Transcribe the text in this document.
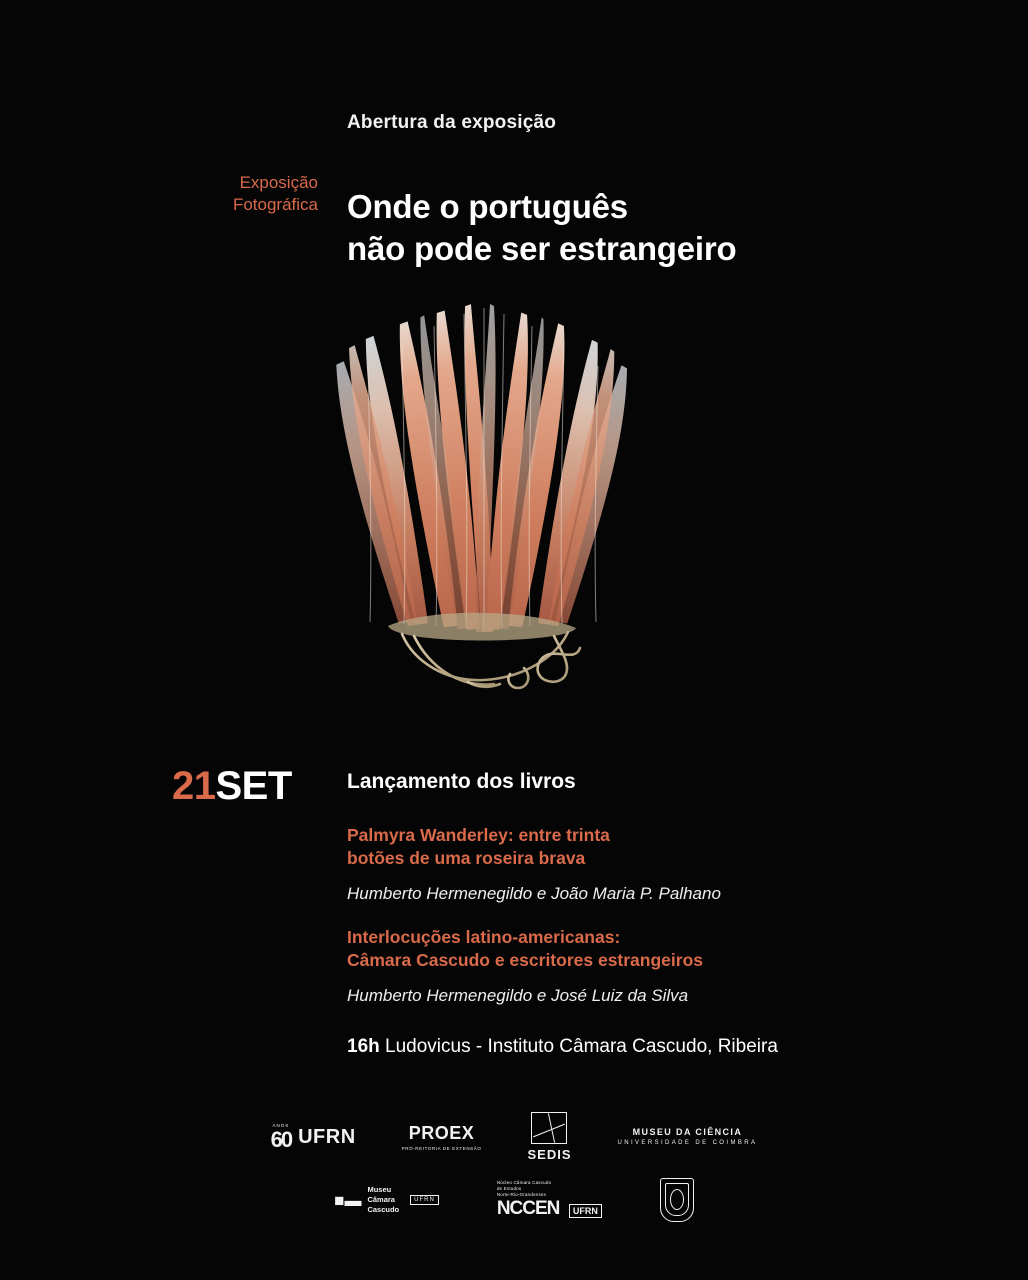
Abertura da exposição
Exposição
Fotográfica Onde o português
não pode ser estrangeiro
21SET	Lançamento dos livros

Palmyra Wanderley: entre trinta
botões de uma roseira brava

Humberto Hermenegildo e João Maria P. Palhano

Interlocuções latino-americanas:
Câmara Cascudo e escritores estrangeiros

Humberto Hermenegildo e José Luiz da Silva

16h Ludovicus - Instituto Câmara Cascudo, Ribeira
ANOS
60 UFRN	PROEX
PRÓ-REITORIA DE EXTENSÃO	SEDIS
MUSEU DA CIÊNCIA
UNIVERSIDADE DE COIMBRA
■▬
Museu
Câmara
Cascudo
UFRN
Núcleo Câmara Cascudo
de Estudos
Norte-Rio-Grandenses
NCCEN UFRN
